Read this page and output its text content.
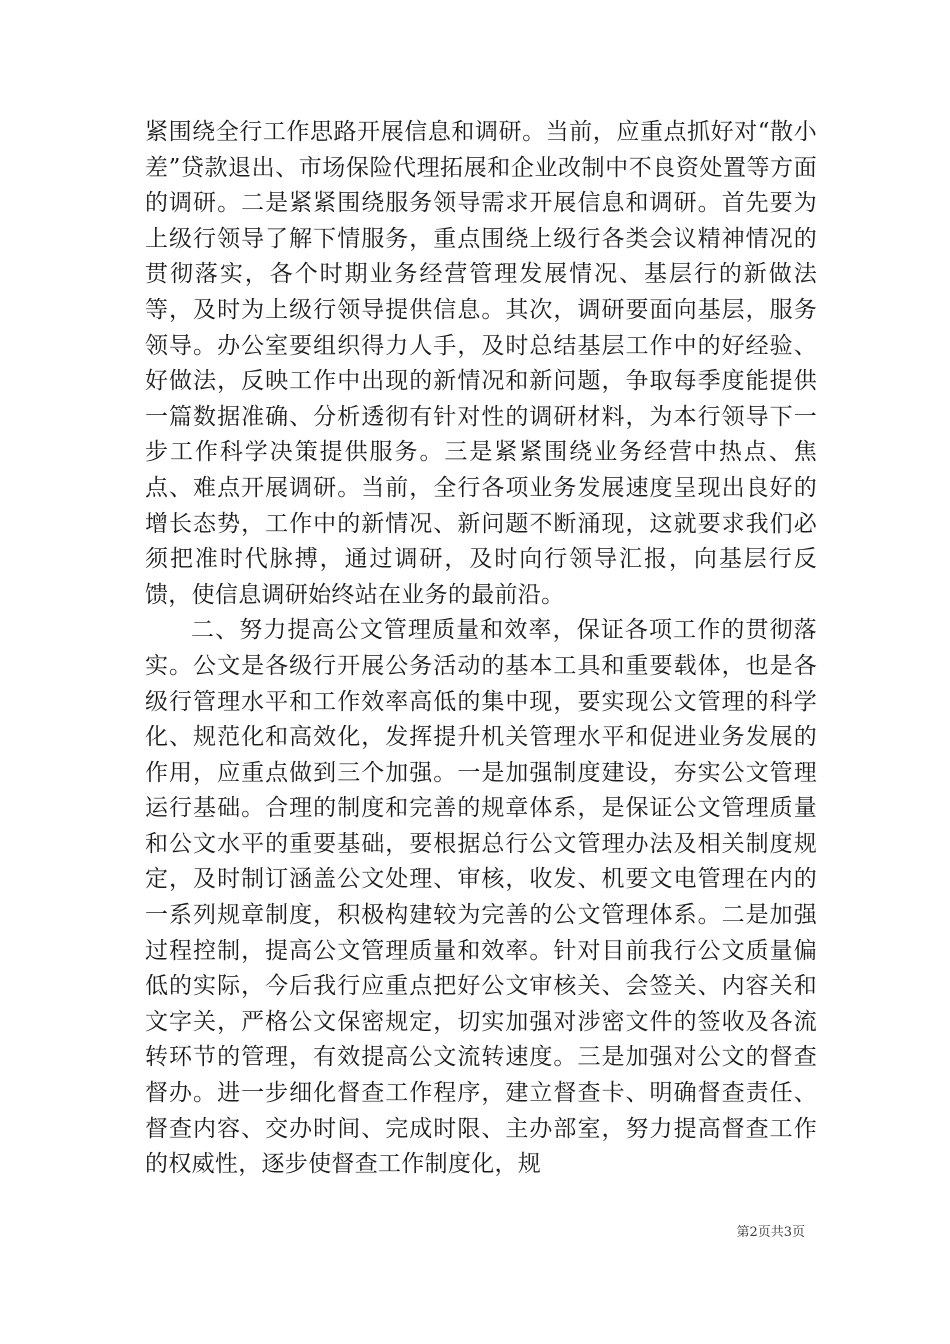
紧围绕全行工作思路开展信息和调研。当前，应重点抓好对“散小差”贷款退出、市场保险代理拓展和企业改制中不良资处置等方面的调研。二是紧紧围绕服务领导需求开展信息和调研。首先要为上级行领导了解下情服务，重点围绕上级行各类会议精神情况的贯彻落实，各个时期业务经营管理发展情况、基层行的新做法等，及时为上级行领导提供信息。其次，调研要面向基层，服务领导。办公室要组织得力人手，及时总结基层工作中的好经验、好做法，反映工作中出现的新情况和新问题，争取每季度能提供一篇数据准确、分析透彻有针对性的调研材料，为本行领导下一步工作科学决策提供服务。三是紧紧围绕业务经营中热点、焦点、难点开展调研。当前，全行各项业务发展速度呈现出良好的增长态势，工作中的新情况、新问题不断涌现，这就要求我们必须把准时代脉搏，通过调研，及时向行领导汇报，向基层行反馈，使信息调研始终站在业务的最前沿。

二、努力提高公文管理质量和效率，保证各项工作的贯彻落实。公文是各级行开展公务活动的基本工具和重要载体，也是各级行管理水平和工作效率高低的集中现，要实现公文管理的科学化、规范化和高效化，发挥提升机关管理水平和促进业务发展的作用，应重点做到三个加强。一是加强制度建设，夯实公文管理运行基础。合理的制度和完善的规章体系，是保证公文管理质量和公文水平的重要基础，要根据总行公文管理办法及相关制度规定，及时制订涵盖公文处理、审核，收发、机要文电管理在内的一系列规章制度，积极构建较为完善的公文管理体系。二是加强过程控制，提高公文管理质量和效率。针对目前我行公文质量偏低的实际，今后我行应重点把好公文审核关、会签关、内容关和文字关，严格公文保密规定，切实加强对涉密文件的签收及各流转环节的管理，有效提高公文流转速度。三是加强对公文的督查督办。进一步细化督查工作程序，建立督查卡、明确督查责任、督查内容、交办时间、完成时限、主办部室，努力提高督查工作的权威性，逐步使督查工作制度化，规

第2页共3页
